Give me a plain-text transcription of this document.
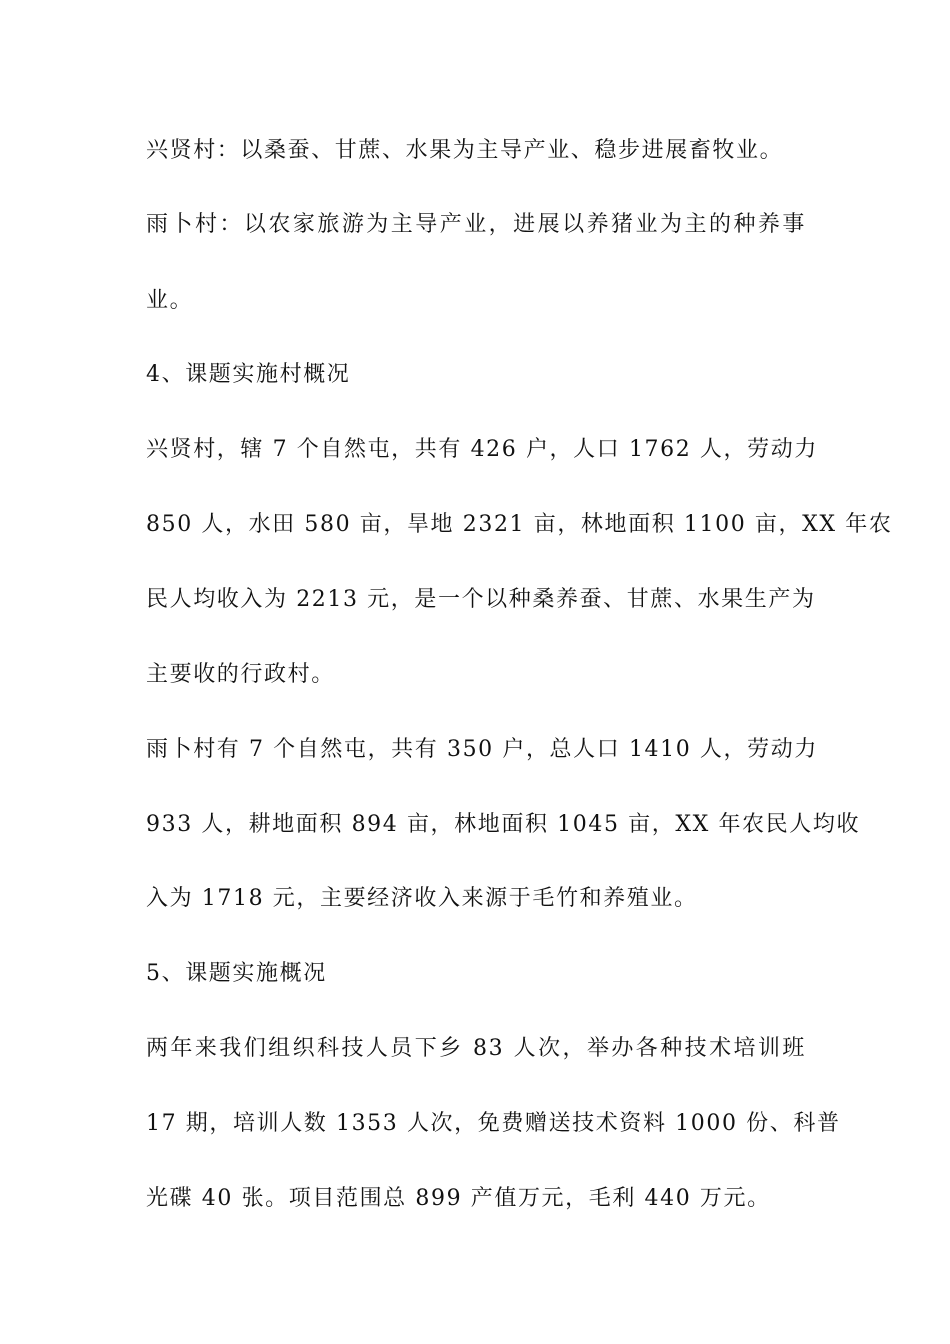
兴贤村：以桑蚕、甘蔗、水果为主导产业、稳步进展畜牧业。
雨卜村：以农家旅游为主导产业，进展以养猪业为主的种养事
业。
4、课题实施村概况
兴贤村，辖 7 个自然屯，共有 426 户，人口 1762 人，劳动力
850 人，水田 580 亩，旱地 2321 亩，林地面积 1100 亩，XX 年农
民人均收入为 2213 元，是一个以种桑养蚕、甘蔗、水果生产为
主要收的行政村。
雨卜村有 7 个自然屯，共有 350 户，总人口 1410 人，劳动力
933 人，耕地面积 894 亩，林地面积 1045 亩，XX 年农民人均收
入为 1718 元，主要经济收入来源于毛竹和养殖业。
5、课题实施概况
两年来我们组织科技人员下乡 83 人次，举办各种技术培训班
17 期，培训人数 1353 人次，免费赠送技术资料 1000 份、科普
光碟 40 张。项目范围总 899 产值万元，毛利 440 万元。
